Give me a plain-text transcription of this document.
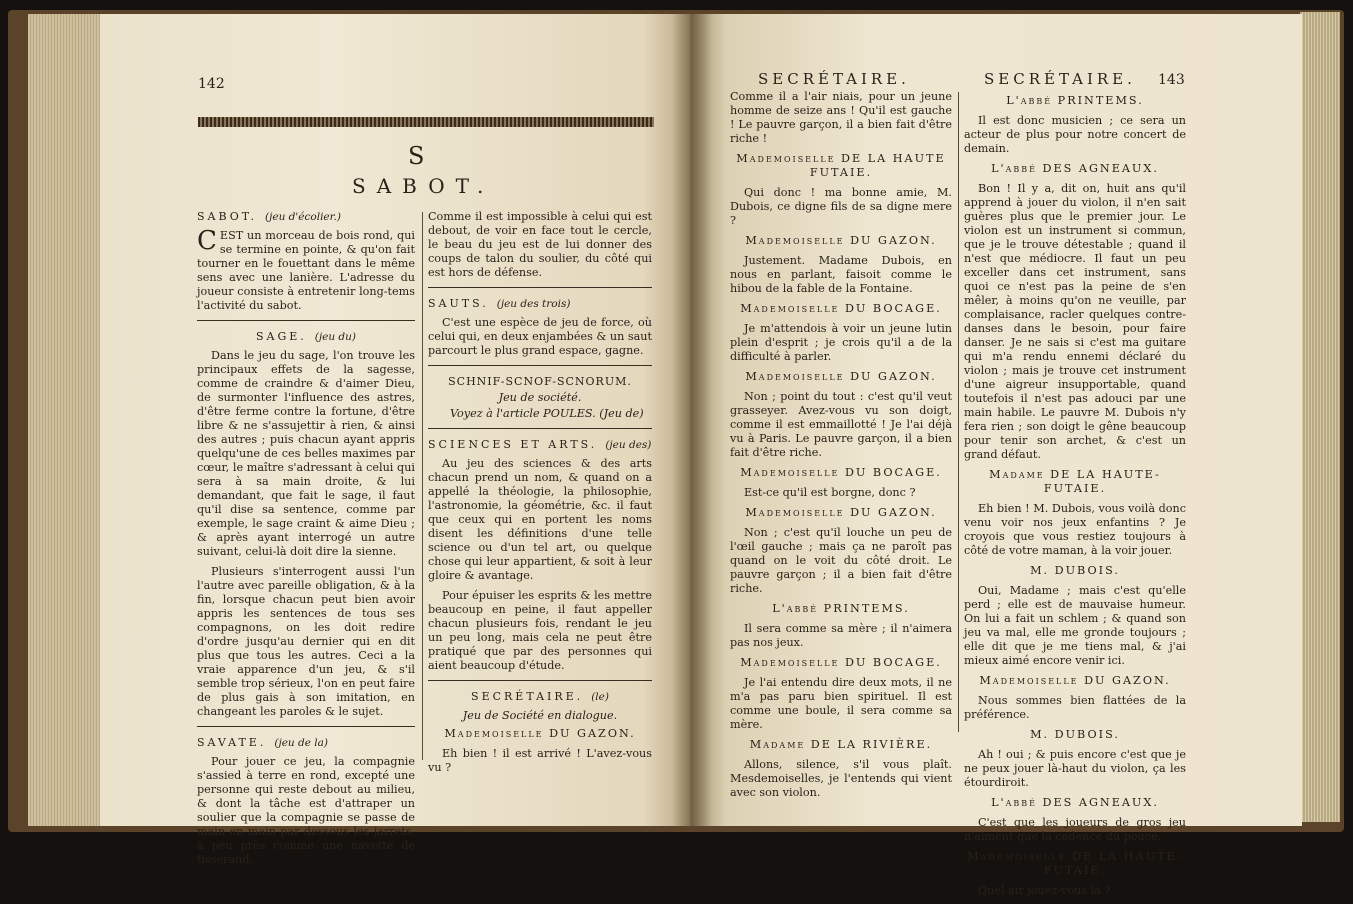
142
S
SABOT.
SABOT. (jeu d'écolier.)

CEST un morceau de bois rond, qui se termine en pointe, & qu'on fait tourner en le fouettant dans le même sens avec une lanière. L'adresse du joueur consiste à entretenir long-tems l'activité du sabot.

SAGE. (jeu du)

Dans le jeu du sage, l'on trouve les principaux effets de la sagesse, comme de craindre & d'aimer Dieu, de surmonter l'influence des astres, d'être ferme contre la fortune, d'être libre & ne s'assujettir à rien, & ainsi des autres ; puis chacun ayant appris quelqu'une de ces belles maximes par cœur, le maître s'adressant à celui qui sera à sa main droite, & lui demandant, que fait le sage, il faut qu'il dise sa sentence, comme par exemple, le sage craint & aime Dieu ; & après ayant interrogé un autre suivant, celui-là doit dire la sienne.

Plusieurs s'interrogent aussi l'un l'autre avec pareille obligation, & à la fin, lorsque chacun peut bien avoir appris les sentences de tous ses compagnons, on les doit redire d'ordre jusqu'au dernier qui en dit plus que tous les autres. Ceci a la vraie apparence d'un jeu, & s'il semble trop sérieux, l'on en peut faire de plus gais à son imitation, en changeant les paroles & le sujet.

SAVATE. (jeu de la)

Pour jouer ce jeu, la compagnie s'assied à terre en rond, excepté une personne qui reste debout au milieu, & dont la tâche est d'attraper un soulier que la compagnie se passe de main en main par dessous les jarrets, à peu près comme une navette de tisserand.

Comme il est impossible à celui qui est debout, de voir en face tout le cercle, le beau du jeu est de lui donner des coups de talon du soulier, du côté qui est hors de défense.

SAUTS. (jeu des trois)

C'est une espèce de jeu de force, où celui qui, en deux enjambées & un saut parcourt le plus grand espace, gagne.

SCHNIF-SCNOF-SCNORUM.
Jeu de société.
Voyez à l'article POULES. (Jeu de)
SCIENCES ET ARTS. (jeu des)

Au jeu des sciences & des arts chacun prend un nom, & quand on a appellé la théologie, la philosophie, l'astronomie, la géométrie, &c. il faut que ceux qui en portent les noms disent les définitions d'une telle science ou d'un tel art, ou quelque chose qui leur appartient, & soit à leur gloire & avantage.

Pour épuiser les esprits & les mettre beaucoup en peine, il faut appeller chacun plusieurs fois, rendant le jeu un peu long, mais cela ne peut être pratiqué que par des personnes qui aient beaucoup d'étude.

SECRÉTAIRE. (le)
Jeu de Société en dialogue.
Mademoiselle DU GAZON.

Eh bien ! il est arrivé ! L'avez-vous vu ?

SECRÉTAIRE.	SECRÉTAIRE. 143

Comme il a l'air niais, pour un jeune homme de seize ans ! Qu'il est gauche ! Le pauvre garçon, il a bien fait d'être riche !

Mademoiselle DE LA HAUTE FUTAIE.

Qui donc ! ma bonne amie, M. Dubois, ce digne fils de sa digne mere ?

Mademoiselle DU GAZON.

Justement. Madame Dubois, en nous en parlant, faisoit comme le hibou de la fable de la Fontaine.

Mademoiselle DU BOCAGE.

Je m'attendois à voir un jeune lutin plein d'esprit ; je crois qu'il a de la difficulté à parler.

Mademoiselle DU GAZON.

Non ; point du tout : c'est qu'il veut grasseyer. Avez-vous vu son doigt, comme il est emmaillotté ! Je l'ai déjà vu à Paris. Le pauvre garçon, il a bien fait d'être riche.

Mademoiselle DU BOCAGE.

Est-ce qu'il est borgne, donc ?

Mademoiselle DU GAZON.

Non ; c'est qu'il louche un peu de l'œil gauche ; mais ça ne paroît pas quand on le voit du côté droit. Le pauvre garçon ; il a bien fait d'être riche.

L'abbé PRINTEMS.

Il sera comme sa mère ; il n'aimera pas nos jeux.

Mademoiselle DU BOCAGE.

Je l'ai entendu dire deux mots, il ne m'a pas paru bien spirituel. Il est comme une boule, il sera comme sa mère.

Madame DE LA RIVIÈRE.

Allons, silence, s'il vous plaît. Mesdemoiselles, je l'entends qui vient avec son violon.

L'abbé PRINTEMS.

Il est donc musicien ; ce sera un acteur de plus pour notre concert de demain.

L'abbé DES AGNEAUX.

Bon ! Il y a, dit on, huit ans qu'il apprend à jouer du violon, il n'en sait guères plus que le premier jour. Le violon est un instrument si commun, que je le trouve détestable ; quand il n'est que médiocre. Il faut un peu exceller dans cet instrument, sans quoi ce n'est pas la peine de s'en mêler, à moins qu'on ne veuille, par complaisance, racler quelques contre-danses dans le besoin, pour faire danser. Je ne sais si c'est ma guitare qui m'a rendu ennemi déclaré du violon ; mais je trouve cet instrument d'une aigreur insupportable, quand toutefois il n'est pas adouci par une main habile. Le pauvre M. Dubois n'y fera rien ; son doigt le gêne beaucoup pour tenir son archet, & c'est un grand défaut.

Madame DE LA HAUTE-FUTAIE.

Eh bien ! M. Dubois, vous voilà donc venu voir nos jeux enfantins ? Je croyois que vous restiez toujours à côté de votre maman, à la voir jouer.

M. DUBOIS.

Oui, Madame ; mais c'est qu'elle perd ; elle est de mauvaise humeur. On lui a fait un schlem ; & quand son jeu va mal, elle me gronde toujours ; elle dit que je me tiens mal, & j'ai mieux aimé encore venir ici.

Mademoiselle DU GAZON.

Nous sommes bien flattées de la préférence.

M. DUBOIS.

Ah ! oui ; & puis encore c'est que je ne peux jouer là-haut du violon, ça les étourdiroit.

L'abbé DES AGNEAUX.

C'est que les joueurs de gros jeu n'aiment que la cadence du pouce.

Mademoiselle DE LA HAUTE-FUTAIE.

Quel air jouez-vous là ?
